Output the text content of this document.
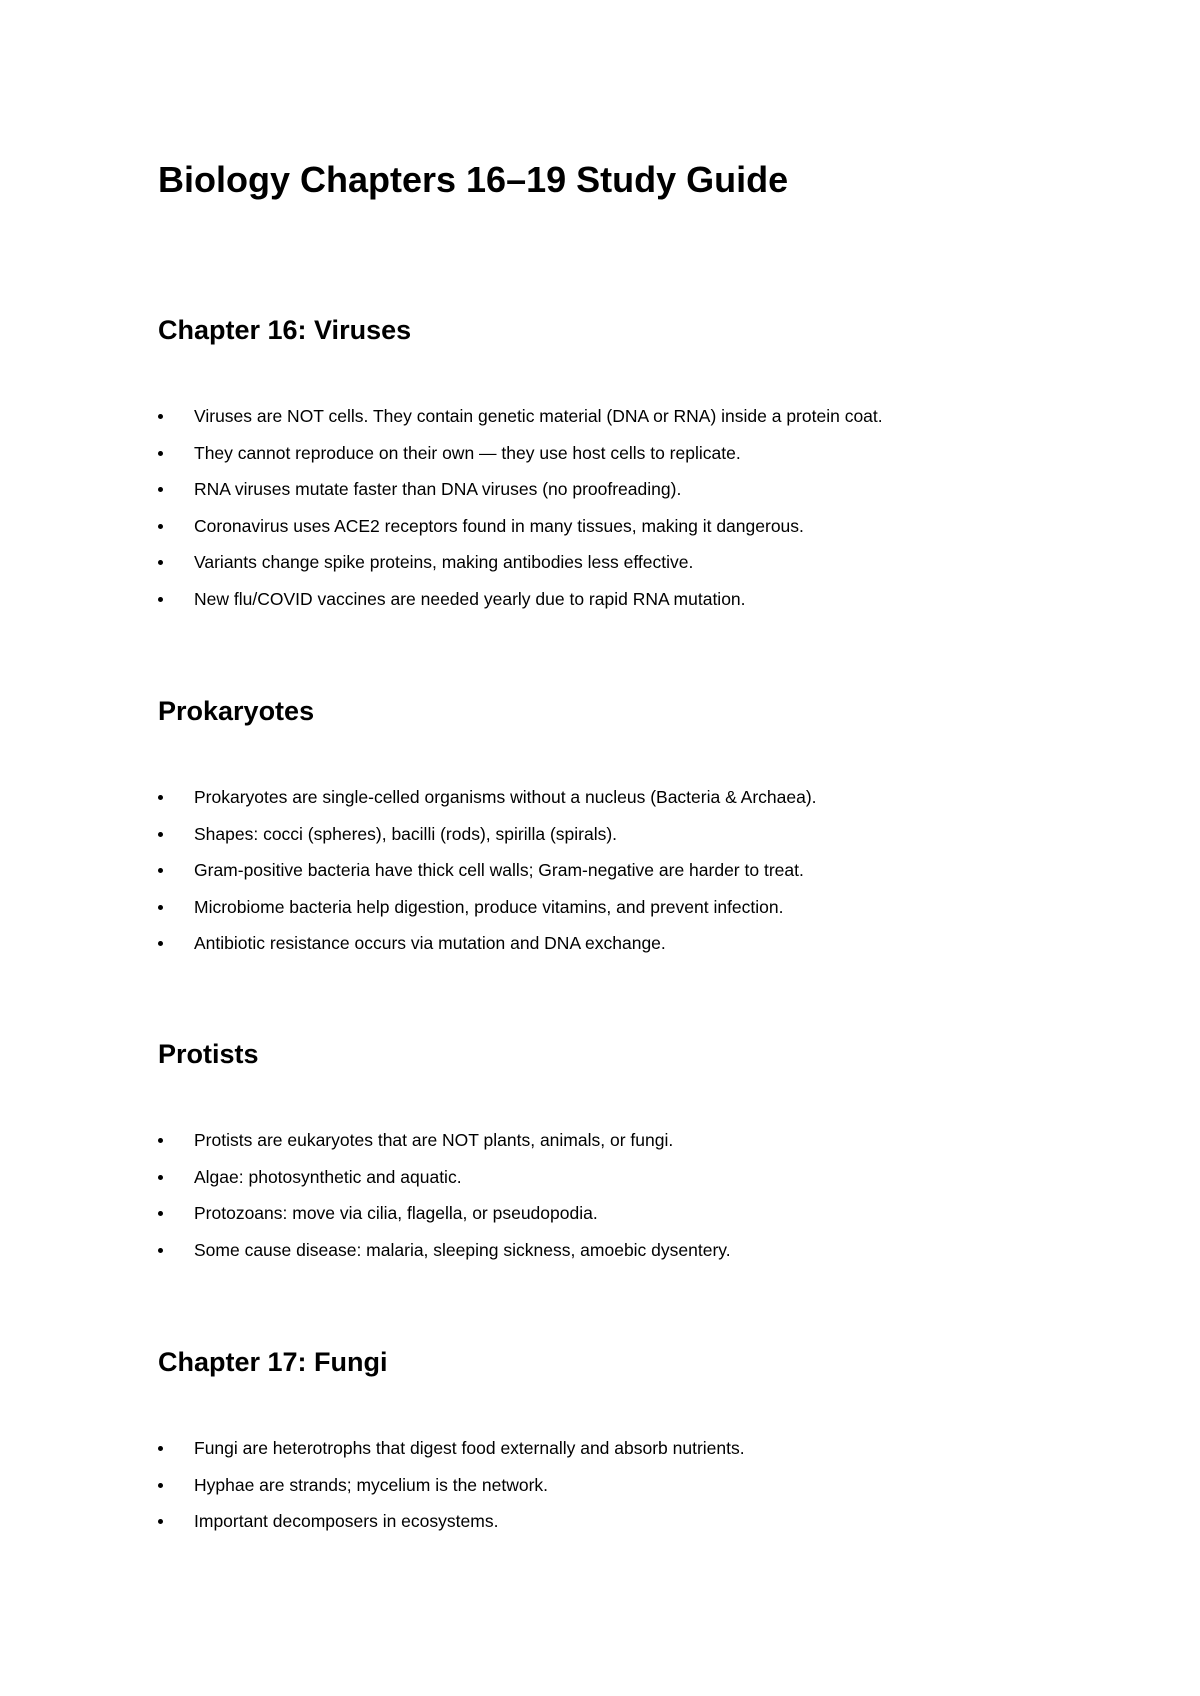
Biology Chapters 16–19 Study Guide
Chapter 16: Viruses
Viruses are NOT cells. They contain genetic material (DNA or RNA) inside a protein coat.
They cannot reproduce on their own — they use host cells to replicate.
RNA viruses mutate faster than DNA viruses (no proofreading).
Coronavirus uses ACE2 receptors found in many tissues, making it dangerous.
Variants change spike proteins, making antibodies less effective.
New flu/COVID vaccines are needed yearly due to rapid RNA mutation.
Prokaryotes
Prokaryotes are single-celled organisms without a nucleus (Bacteria & Archaea).
Shapes: cocci (spheres), bacilli (rods), spirilla (spirals).
Gram-positive bacteria have thick cell walls; Gram-negative are harder to treat.
Microbiome bacteria help digestion, produce vitamins, and prevent infection.
Antibiotic resistance occurs via mutation and DNA exchange.
Protists
Protists are eukaryotes that are NOT plants, animals, or fungi.
Algae: photosynthetic and aquatic.
Protozoans: move via cilia, flagella, or pseudopodia.
Some cause disease: malaria, sleeping sickness, amoebic dysentery.
Chapter 17: Fungi
Fungi are heterotrophs that digest food externally and absorb nutrients.
Hyphae are strands; mycelium is the network.
Important decomposers in ecosystems.
